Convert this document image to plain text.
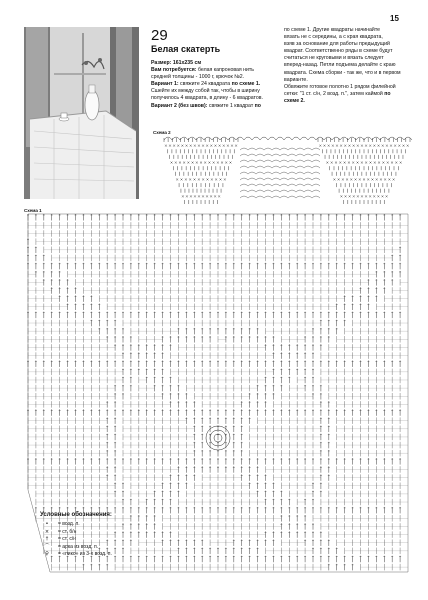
15
29
Белая скатерть
Размер: 161x235 см
Вам потребуется: белая капроновая нить
средней толщины - 1000 г, крючок №2.
Вариант 1: свяжите 24 квадрата по схеме 1.
Сшейте их между собой так, чтобы в ширину
получилось 4 квадрата, в длину - 6 квадратов.
Вариант 2 (без швов): свяжите 1 квадрат по
по схеме 1. Другие квадраты начинайте
вязать не с середины, а с края квадрата,
взяв за основание для работы предыдущий
квадрат. Соответственно ряды в схеме будут
считаться не круговыми и вязать следует
вперед-назад. Петли подъема делайте с краю
квадрата. Схема сборки - так же, что и в первом
варианте.
Обвяжите готовое полотно 1 рядом филейной
сетки: "1 ст. с/н, 2 возд. п.", затем каймой по
схеме 2.
Схема 2
Схема 1
Условные обозначения:
•	= возд. п.
×	= ст. б/н
†	= ст. с/н
⌒	= арка из возд. п.
♀	= «пико» из 3-х возд. п.
